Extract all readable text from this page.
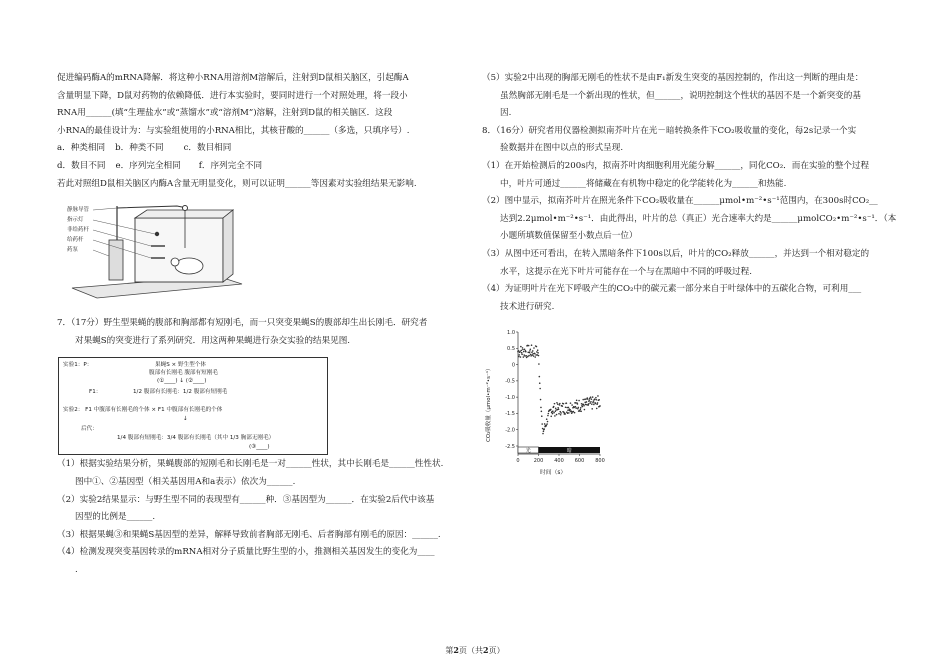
促进编码酶A的mRNA降解．将这种小RNA用溶剂M溶解后，注射到D鼠相关脑区，引起酶A

含量明显下降，D鼠对药物的依赖降低．进行本实验时，要同时进行一个对照处理，将一段小

RNA用______(填“生理盐水”或“蒸馏水”或“溶剂M”)溶解，注射到D鼠的相关脑区．这段

小RNA的最佳设计为：与实验组使用的小RNA相比，其核苷酸的______（多选，只填序号）.

a．种类相同 b．种类不同 c．数目相同
d．数目不同 e．序列完全相同 f．序列完全不同

若此对照组D鼠相关脑区内酶A含量无明显变化，则可以证明______等因素对实验组结果无影响.

7．（17分）野生型果蝇的腹部和胸部都有短刚毛，而一只突变果蝇S的腹部却生出长刚毛．研究者

对果蝇S的突变进行了系列研究．用这两种果蝇进行杂交实验的结果见图.

（1）根据实验结果分析，果蝇腹部的短刚毛和长刚毛是一对______性状，其中长刚毛是______性性状.

图中①、②基因型（相关基因用A和a表示）依次为______.

（2）实验2结果显示：与野生型不同的表现型有______种．③基因型为______．在实验2后代中该基

因型的比例是______.

（3）根据果蝇③和果蝇S基因型的差异，解释导致前者胸部无刚毛、后者胸部有刚毛的原因：______.

（4）检测发现突变基因转录的mRNA相对分子质量比野生型的小，推测相关基因发生的变化为____

.

静脉导管
指示灯
非给药杆
给药杆
药泵
实验1：P：	果蝇S × 野生型个体
腹部有长刚毛 腹部有短刚毛
(①____) ↓ (②____)
F1：	1/2 腹部有长刚毛：1/2 腹部有短刚毛
实验2： F1 中腹部有长刚毛的个体 × F1 中腹部有长刚毛的个体
↓
后代：
1/4 腹部有短刚毛：3/4 腹部有长刚毛（其中 1/3 胸部无刚毛）
(③____)

（5）实验2中出现的胸部无刚毛的性状不是由F₁新发生突变的基因控制的，作出这一判断的理由是：

虽然胸部无刚毛是一个新出现的性状，但______，说明控制这个性状的基因不是一个新突变的基

因.

8．（16分）研究者用仪器检测拟南芥叶片在光－暗转换条件下CO₂吸收量的变化，每2s记录一个实

验数据并在图中以点的形式呈现.

（1）在开始检测后的200s内，拟南芥叶肉细胞利用光能分解______，同化CO₂．而在实验的整个过程

中，叶片可通过______将储藏在有机物中稳定的化学能转化为______和热能.

（2）图中显示，拟南芥叶片在照光条件下CO₂吸收量在______μmol•m⁻²•s⁻¹范围内，在300s时CO₂__

达到2.2μmol•m⁻²•s⁻¹．由此得出，叶片的总（真正）光合速率大约是______μmolCO₂•m⁻²•s⁻¹．（本

小题所填数值保留至小数点后一位）

（3）从图中还可看出，在转入黑暗条件下100s以后，叶片的CO₂释放______，并达到一个相对稳定的

水平，这提示在光下叶片可能存在一个与在黑暗中不同的呼吸过程.

（4）为证明叶片在光下呼吸产生的CO₂中的碳元素一部分来自于叶绿体中的五碳化合物，可利用___

技术进行研究.

1.0
0.5
0
-0.5
-1.0
-1.5
-2.0
-2.5
光	暗
0	200 400 600 800
CO₂吸收量（μmol•m⁻²•s⁻¹）
时间（s）
第2页（共2页）
